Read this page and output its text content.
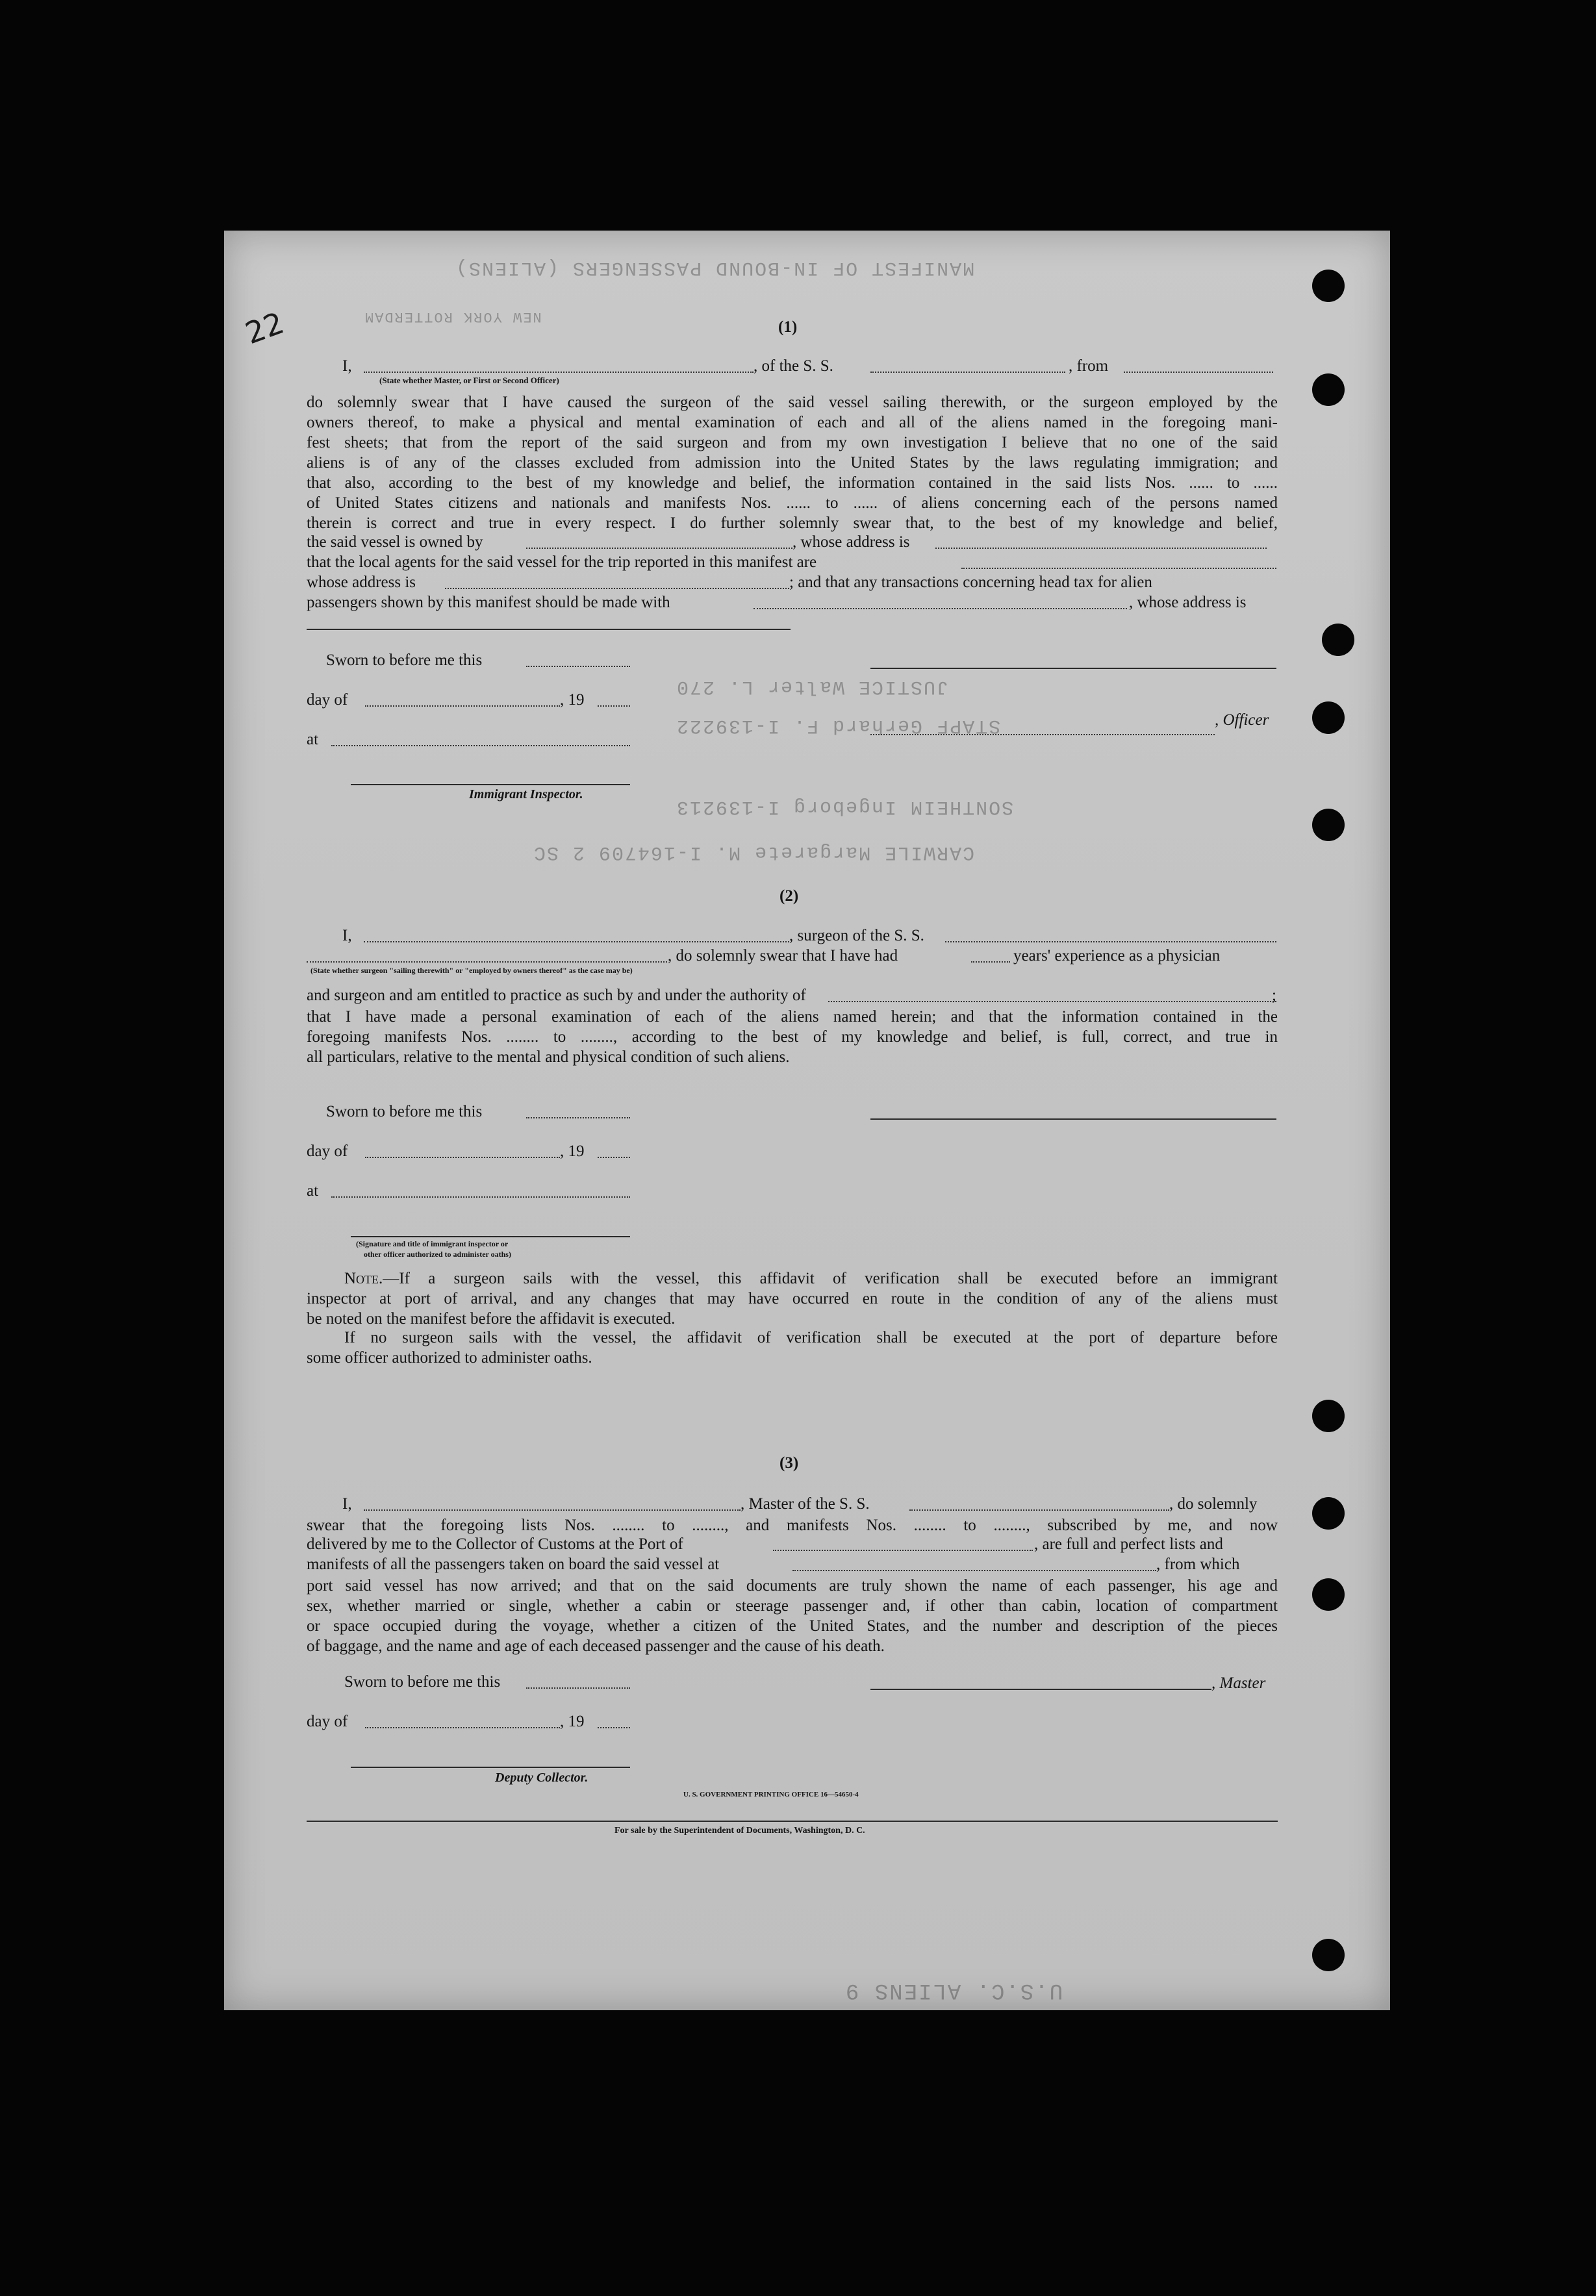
22
MANIFEST OF IN-BOUND PASSENGERS (ALIENS)
NEW YORK ROTTERDAM
JUSTICE Walter L. 270
STAPF Gerhard F. I-139222
SONTHEIM Ingeborg I-139213
CARWILE Margarete M. I-164709 2 SC
U.S.C. ALIENS 9
(1)
I,	, of the S. S.	, from
(State whether Master, or First or Second Officer)
do solemnly swear that I have caused the surgeon of the said vessel sailing therewith, or the surgeon employed by the
owners thereof, to make a physical and mental examination of each and all of the aliens named in the foregoing mani-
fest sheets; that from the report of the said surgeon and from my own investigation I believe that no one of the said
aliens is of any of the classes excluded from admission into the United States by the laws regulating immigration; and
that also, according to the best of my knowledge and belief, the information contained in the said lists Nos. ...... to ......
of United States citizens and nationals and manifests Nos. ...... to ...... of aliens concerning each of the persons named
therein is correct and true in every respect. I do further solemnly swear that, to the best of my knowledge and belief,
the said vessel is owned by	, whose address is
that the local agents for the said vessel for the trip reported in this manifest are
whose address is	; and that any transactions concerning head tax for alien
passengers shown by this manifest should be made with	, whose address is
Sworn to before me this
day of	, 19
at
Immigrant Inspector.
, Officer
(2)
I,	, surgeon of the S. S.
, do solemnly swear that I have had	years' experience as a physician
(State whether surgeon "sailing therewith" or "employed by owners thereof" as the case may be)
and surgeon and am entitled to practice as such by and under the authority of	;
that I have made a personal examination of each of the aliens named herein; and that the information contained in the
foregoing manifests Nos. ........ to ........, according to the best of my knowledge and belief, is full, correct, and true in
all particulars, relative to the mental and physical condition of such aliens.
Sworn to before me this
day of	, 19
at
(Signature and title of immigrant inspector or
other officer authorized to administer oaths)
Note.—If a surgeon sails with the vessel, this affidavit of verification shall be executed before an immigrant
inspector at port of arrival, and any changes that may have occurred en route in the condition of any of the aliens must
be noted on the manifest before the affidavit is executed.
If no surgeon sails with the vessel, the affidavit of verification shall be executed at the port of departure before
some officer authorized to administer oaths.
(3)
I,	, Master of the S. S.	, do solemnly
swear that the foregoing lists Nos. ........ to ........, and manifests Nos. ........ to ........, subscribed by me, and now
delivered by me to the Collector of Customs at the Port of	, are full and perfect lists and
manifests of all the passengers taken on board the said vessel at	, from which
port said vessel has now arrived; and that on the said documents are truly shown the name of each passenger, his age and
sex, whether married or single, whether a cabin or steerage passenger and, if other than cabin, location of compartment
or space occupied during the voyage, whether a citizen of the United States, and the number and description of the pieces
of baggage, and the name and age of each deceased passenger and the cause of his death.
Sworn to before me this	, Master
day of	, 19
Deputy Collector.
U. S. GOVERNMENT PRINTING OFFICE 16—54650-4
For sale by the Superintendent of Documents, Washington, D. C.
